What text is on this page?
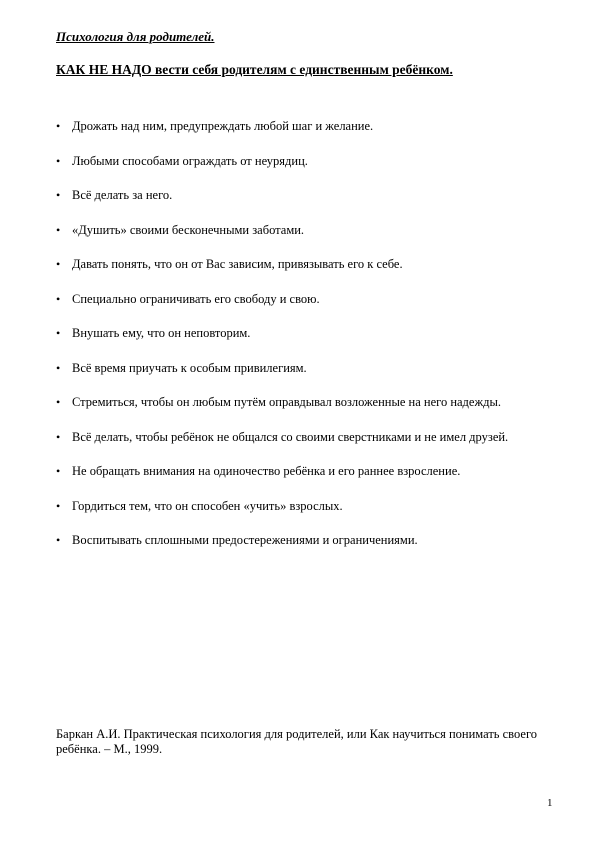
Психология для родителей.
КАК НЕ НАДО вести себя родителям с единственным ребёнком.
• Дрожать над ним, предупреждать любой шаг и желание.
• Любыми способами ограждать от неурядиц.
• Всё делать за него.
• «Душить» своими бесконечными заботами.
• Давать понять, что он от Вас зависим, привязывать его к себе.
• Специально ограничивать его свободу и свою.
• Внушать ему, что он неповторим.
• Всё время приучать к особым привилегиям.
• Стремиться, чтобы он любым путём оправдывал возложенные на него надежды.
• Всё делать, чтобы ребёнок не общался со своими сверстниками и не имел друзей.
• Не обращать внимания на одиночество ребёнка и его раннее взросление.
• Гордиться тем, что он способен «учить» взрослых.
• Воспитывать сплошными предостережениями и ограничениями.
Баркан А.И. Практическая психология для родителей, или Как научиться понимать своего ребёнка. – М., 1999.
1
